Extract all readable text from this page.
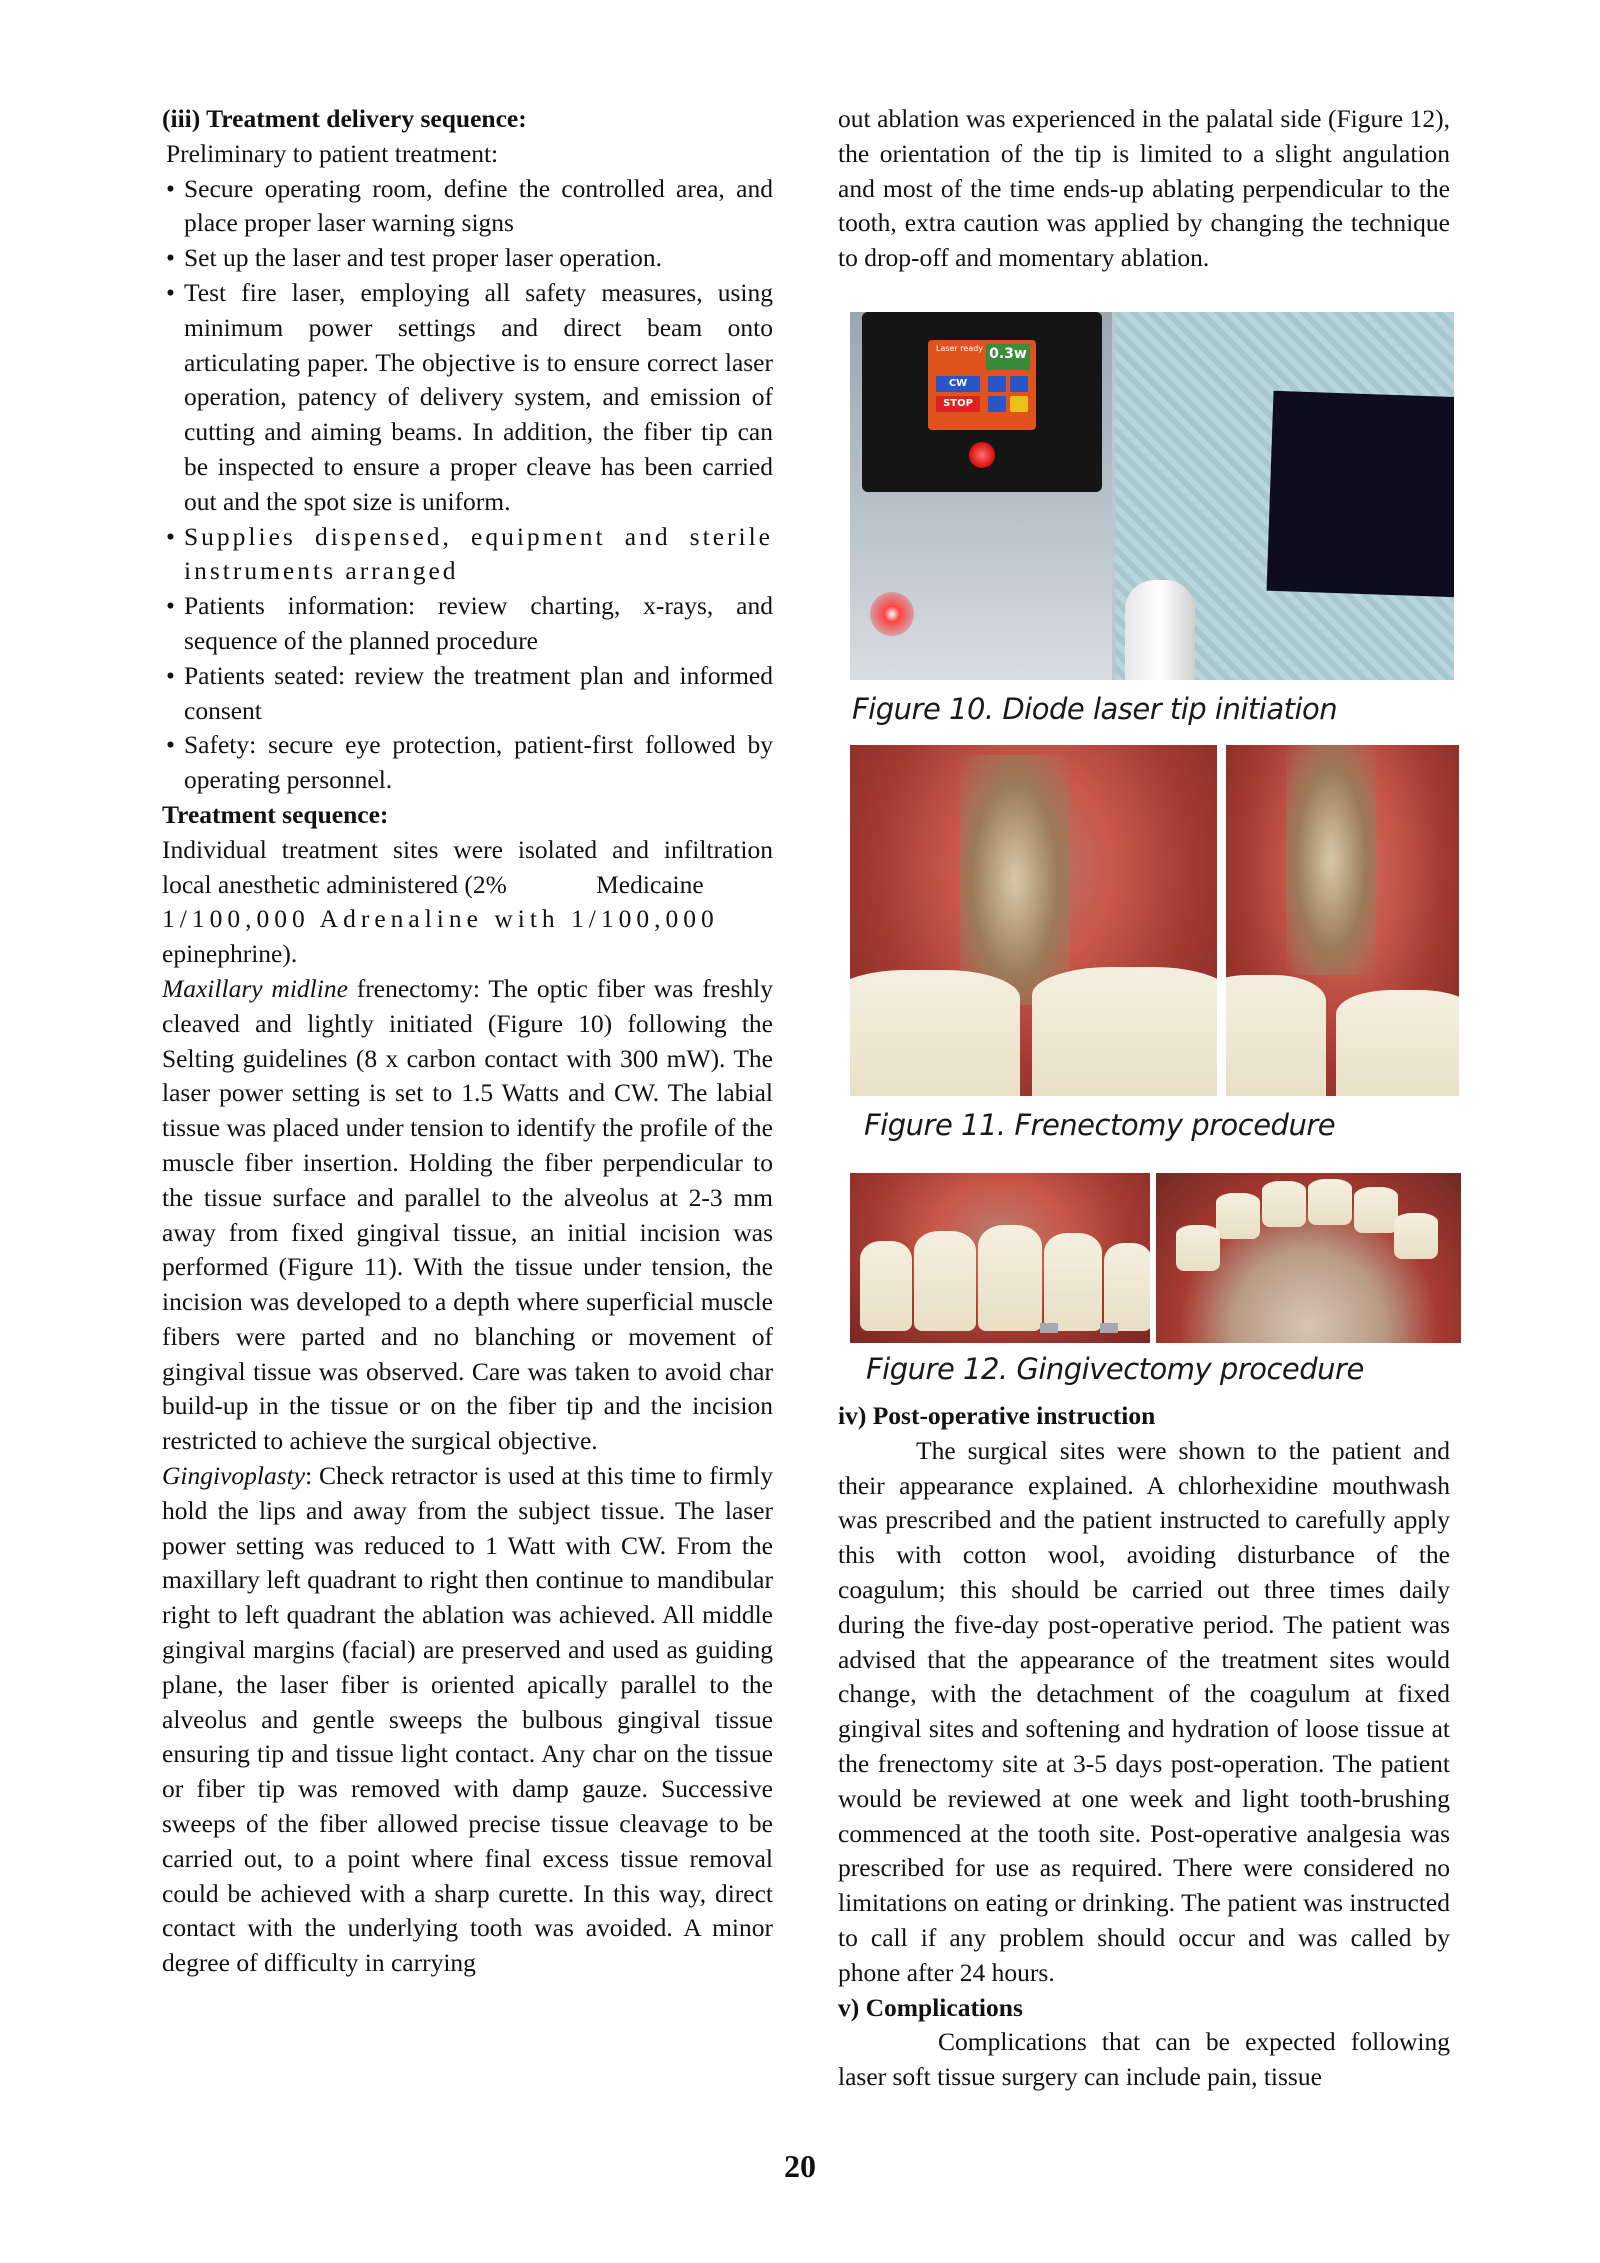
(iii) Treatment delivery sequence:

Preliminary to patient treatment:

• Secure operating room, define the controlled area, and place proper laser warning signs
• Set up the laser and test proper laser operation.
• Test fire laser, employing all safety measures, using minimum power settings and direct beam onto articulating paper. The objective is to ensure correct laser operation, patency of delivery system, and emission of cutting and aiming beams. In addition, the fiber tip can be inspected to ensure a proper cleave has been carried out and the spot size is uniform.
• Supplies dispensed, equipment and sterile instruments arranged
• Patients information: review charting, x-rays, and sequence of the planned procedure
• Patients seated: review the treatment plan and informed consent
• Safety: secure eye protection, patient-first followed by operating personnel.

Treatment sequence:

Individual treatment sites were isolated and infiltration local anesthetic administered (2%              Medicaine

1/100,000 Adrenaline with 1/100,000

epinephrine).

Maxillary midline frenectomy: The optic fiber was freshly cleaved and lightly initiated (Figure 10) following the Selting guidelines (8 x carbon contact with 300 mW). The laser power setting is set to 1.5 Watts and CW. The labial tissue was placed under tension to identify the profile of the muscle fiber insertion. Holding the fiber perpendicular to the tissue surface and parallel to the alveolus at 2-3 mm away from fixed gingival tissue, an initial incision was performed (Figure 11). With the tissue under tension, the incision was developed to a depth where superficial muscle fibers were parted and no blanching or movement of gingival tissue was observed. Care was taken to avoid char build-up in the tissue or on the fiber tip and the incision restricted to achieve the surgical objective.

Gingivoplasty: Check retractor is used at this time to firmly hold the lips and away from the subject tissue. The laser power setting was reduced to 1 Watt with CW. From the maxillary left quadrant to right then continue to mandibular right to left quadrant the ablation was achieved. All middle gingival margins (facial) are preserved and used as guiding plane, the laser fiber is oriented apically parallel to the alveolus and gentle sweeps the bulbous gingival tissue ensuring tip and tissue light contact. Any char on the tissue or fiber tip was removed with damp gauze. Successive sweeps of the fiber allowed precise tissue cleavage to be carried out, to a point where final excess tissue removal could be achieved with a sharp curette. In this way, direct contact with the underlying tooth was avoided. A minor degree of difficulty in carrying

out ablation was experienced in the palatal side (Figure 12), the orientation of the tip is limited to a slight angulation and most of the time ends-up ablating perpendicular to the tooth, extra caution was applied by changing the technique to drop-off and momentary ablation.

Laser ready 0.3w
CW
STOP
Figure 10. Diode laser tip initiation
Figure 11. Frenectomy procedure
Figure 12. Gingivectomy procedure

iv) Post-operative instruction

The surgical sites were shown to the patient and their appearance explained. A chlorhexidine mouthwash was prescribed and the patient instructed to carefully apply this with cotton wool, avoiding disturbance of the coagulum; this should be carried out three times daily during the five-day post-operative period. The patient was advised that the appearance of the treatment sites would change, with the detachment of the coagulum at fixed gingival sites and softening and hydration of loose tissue at the frenectomy site at 3-5 days post-operation. The patient would be reviewed at one week and light tooth-brushing commenced at the tooth site. Post-operative analgesia was prescribed for use as required. There were considered no limitations on eating or drinking. The patient was instructed to call if any problem should occur and was called by phone after 24 hours.

v) Complications

Complications that can be expected following laser soft tissue surgery can include pain, tissue

20
